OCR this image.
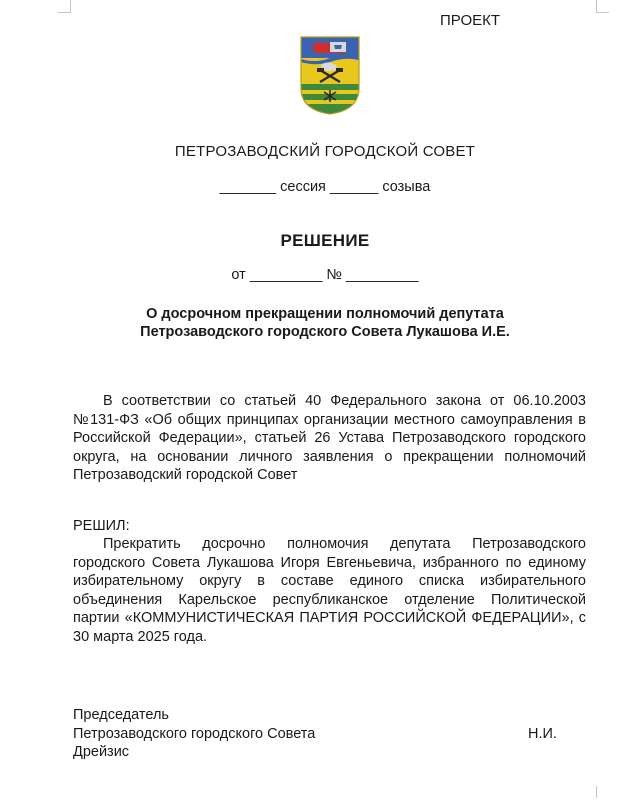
ПРОЕКТ
ПЕТРОЗАВОДСКИЙ ГОРОДСКОЙ СОВЕТ
_______ сессия ______ созыва
РЕШЕНИЕ
от _________ № _________
О досрочном прекращении полномочий депутата
Петрозаводского городского Совета Лукашова И.Е.
В соответствии со статьей 40 Федерального закона от 06.10.2003 №131-ФЗ «Об общих принципах организации местного самоуправления в Российской Федерации», статьей 26 Устава Петрозаводского городского округа, на основании личного заявления о прекращении полномочий Петрозаводский городской Совет
РЕШИЛ:
Прекратить досрочно полномочия депутата Петрозаводского городского Совета Лукашова Игоря Евгеньевича, избранного по единому избирательному округу в составе единого списка избирательного объединения Карельское республиканское отделение Политической партии «КОММУНИСТИЧЕСКАЯ ПАРТИЯ РОССИЙСКОЙ ФЕДЕРАЦИИ», с 30 марта 2025 года.
Председатель
Петрозаводского городского Совета	Н.И.
Дрейзис
